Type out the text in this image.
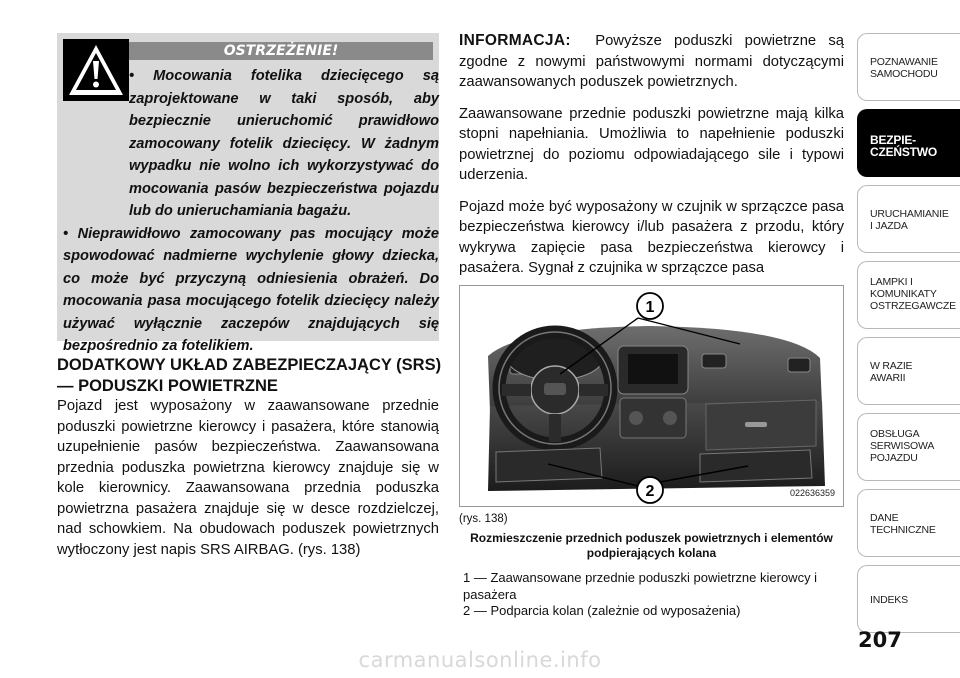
OSTRZEŻENIE!

• Mocowania fotelika dziecięcego są zaprojektowane w taki sposób, aby bezpiecznie unieruchomić prawidłowo zamocowany fotelik dziecięcy. W żadnym wypadku nie wolno ich wykorzystywać do mocowania pasów bezpieczeństwa pojazdu lub do unieruchamiania bagażu.

• Nieprawidłowo zamocowany pas mocujący może spowodować nadmierne wychylenie głowy dziecka, co może być przyczyną odniesienia obrażeń. Do mocowania pasa mocującego fotelik dziecięcy należy używać wyłącznie zaczepów znajdujących się bezpośrednio za fotelikiem.

DODATKOWY UKŁAD ZABEZPIECZAJĄCY (SRS) — PODUSZKI POWIETRZNE

Pojazd jest wyposażony w zaawansowane przednie poduszki powietrzne kierowcy i pasażera, które stanowią uzupełnienie pasów bezpieczeństwa. Zaawansowana przednia poduszka powietrzna kierowcy znajduje się w kole kierownicy. Zaawansowana przednia poduszka powietrzna pasażera znajduje się w desce rozdzielczej, nad schowkiem. Na obudowach poduszek powietrznych wytłoczony jest napis SRS AIRBAG. (rys. 138)

INFORMACJA: Powyższe poduszki powietrzne są zgodne z nowymi państwowymi normami dotyczącymi zaawansowanych poduszek powietrznych.

Zaawansowane przednie poduszki powietrzne mają kilka stopni napełniania. Umożliwia to napełnienie poduszki powietrznej do poziomu odpowiadającego sile i typowi uderzenia.

Pojazd może być wyposażony w czujnik w sprzączce pasa bezpieczeństwa kierowcy i/lub pasażera z przodu, który wykrywa zapięcie pasa bezpieczeństwa kierowcy i pasażera. Sygnał z czujnika w sprzączce pasa

1
2	022636359
(rys. 138)
Rozmieszczenie przednich poduszek powietrznych i elementów podpierających kolana
1 — Zaawansowane przednie poduszki powietrzne kierowcy i pasażera
2 — Podparcia kolan (zależnie od wyposażenia)
POZNAWANIE
SAMOCHODU
BEZPIE-
CZEŃSTWO
URUCHAMIANIE
I JAZDA
LAMPKI I
KOMUNIKATY
OSTRZEGAWCZE
W RAZIE
AWARII
OBSŁUGA
SERWISOWA
POJAZDU
DANE
TECHNICZNE
INDEKS
207
carmanualsonline.info
